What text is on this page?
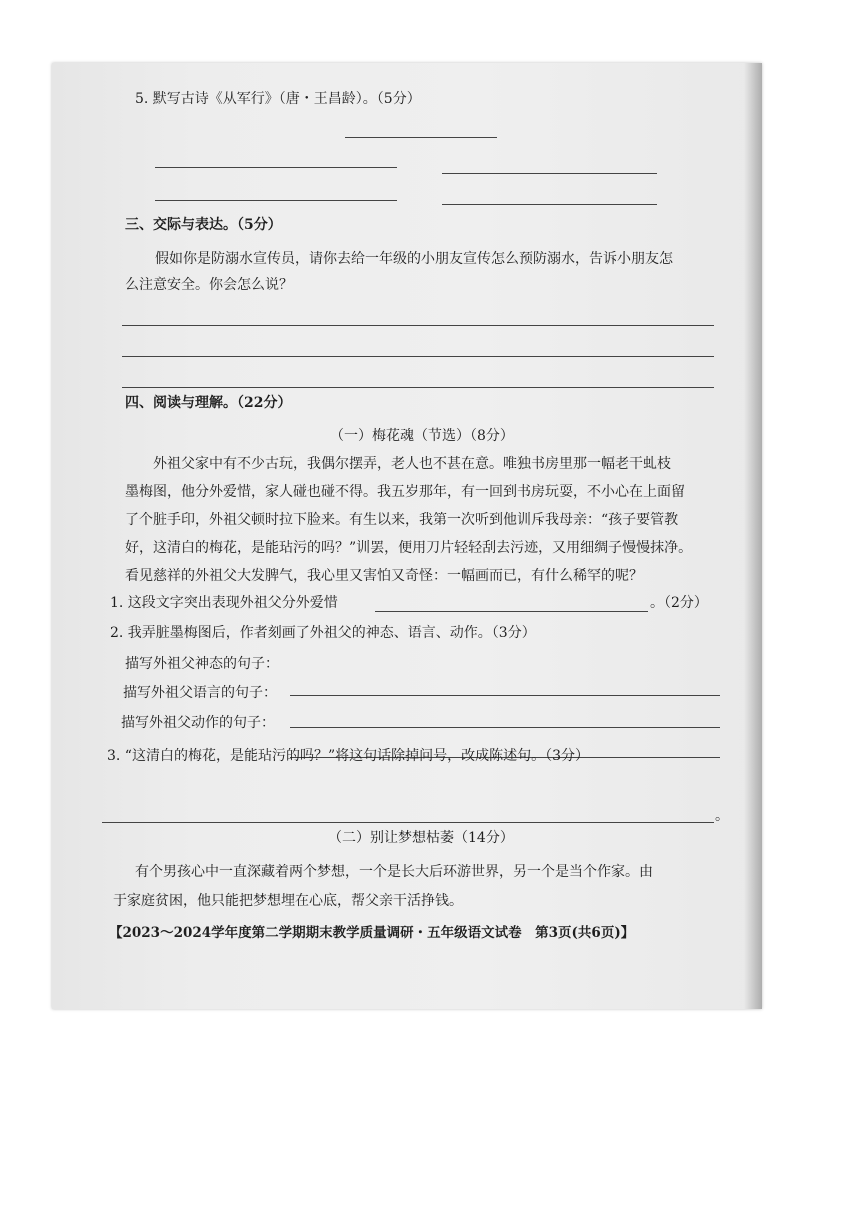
5. 默写古诗《从军行》（唐・王昌龄）。（5分）
三、交际与表达。（5分）
假如你是防溺水宣传员，请你去给一年级的小朋友宣传怎么预防溺水，告诉小朋友怎
么注意安全。你会怎么说？
四、阅读与理解。（22分）
（一）梅花魂（节选）（8分）
外祖父家中有不少古玩，我偶尔摆弄，老人也不甚在意。唯独书房里那一幅老干虬枝
墨梅图，他分外爱惜，家人碰也碰不得。我五岁那年，有一回到书房玩耍，不小心在上面留
了个脏手印，外祖父顿时拉下脸来。有生以来，我第一次听到他训斥我母亲：“孩子要管教
好，这清白的梅花，是能玷污的吗？”训罢，便用刀片轻轻刮去污迹，又用细绸子慢慢抹净。
看见慈祥的外祖父大发脾气，我心里又害怕又奇怪：一幅画而已，有什么稀罕的呢？
1. 这段文字突出表现外祖父分外爱惜	。（2分）
2. 我弄脏墨梅图后，作者刻画了外祖父的神态、语言、动作。（3分）
描写外祖父神态的句子：
描写外祖父语言的句子：
描写外祖父动作的句子：
3. “这清白的梅花，是能玷污的吗？”将这句话除掉问号，改成陈述句。（3分）
。
（二）别让梦想枯萎（14分）
有个男孩心中一直深藏着两个梦想，一个是长大后环游世界，另一个是当个作家。由
于家庭贫困，他只能把梦想埋在心底，帮父亲干活挣钱。
【2023～2024学年度第二学期期末教学质量调研・五年级语文试卷　第3页(共6页)】
